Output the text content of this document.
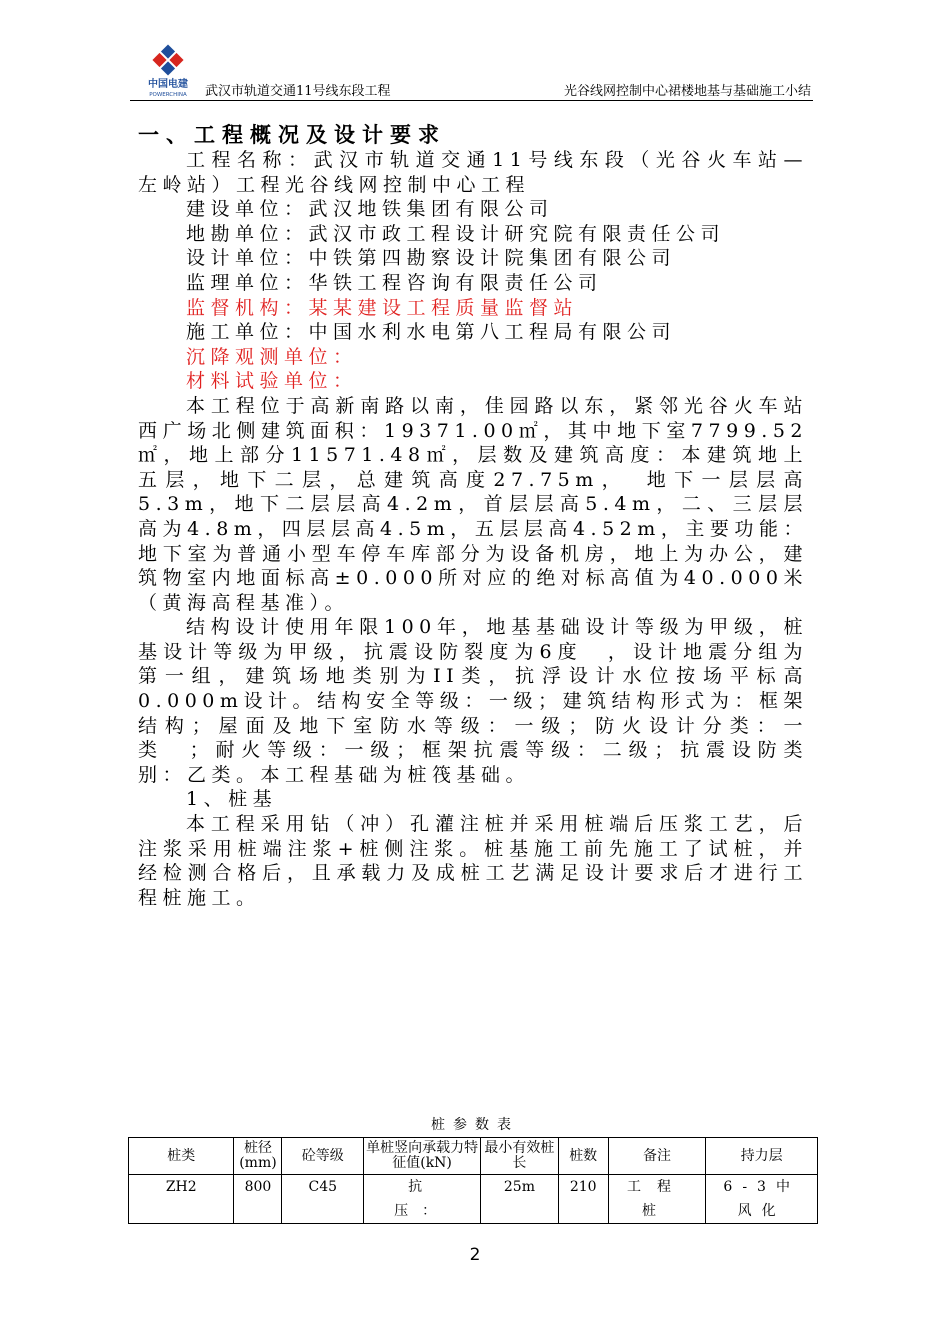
中国电建
POWERCHINA 武汉市轨道交通11号线东段工程	光谷线网控制中心裙楼地基与基础施工小结
一、工程概况及设计要求

工程名称：武汉市轨道交通11号线东段（光谷火车站—左岭站）工程光谷线网控制中心工程

建设单位：武汉地铁集团有限公司

地勘单位：武汉市政工程设计研究院有限责任公司

设计单位：中铁第四勘察设计院集团有限公司

监理单位：华铁工程咨询有限责任公司

监督机构：某某建设工程质量监督站

施工单位：中国水利水电第八工程局有限公司

沉降观测单位：

材料试验单位：

本工程位于高新南路以南，佳园路以东，紧邻光谷火车站西广场北侧建筑面积：19371.00㎡，其中地下室7799.52㎡，地上部分11571.48㎡，层数及建筑高度：本建筑地上五层，地下二层，总建筑高度27.75m，　地下一层层高5.3m，地下二层层高4.2m，首层层高5.4m，二、三层层高为4.8m，四层层高4.5m，五层层高4.52m，主要功能：地下室为普通小型车停车库部分为设备机房，地上为办公，建筑物室内地面标高±0.000所对应的绝对标高值为40.000米（黄海高程基准）。

结构设计使用年限100年，地基基础设计等级为甲级，桩基设计等级为甲级，抗震设防裂度为6度　，设计地震分组为第一组，建筑场地类别为II类，抗浮设计水位按场平标高0.000m设计。结构安全等级：一级；建筑结构形式为：框架结构；屋面及地下室防水等级：一级；防火设计分类：一类　；耐火等级：一级；框架抗震等级：二级；抗震设防类别：乙类。本工程基础为桩筏基础。

1、桩基

本工程采用钻（冲）孔灌注桩并采用桩端后压浆工艺，后注浆采用桩端注浆+桩侧注浆。桩基施工前先施工了试桩，并经检测合格后，且承载力及成桩工艺满足设计要求后才进行工程桩施工。

桩参数表
桩类	桩径(mm)	砼等级	单桩竖向承载力特征值(kN)	最小有效桩长	桩数	备注	持力层
ZH2	800	C45	抗压：	25m	210	工程桩	6-3中风化
2
